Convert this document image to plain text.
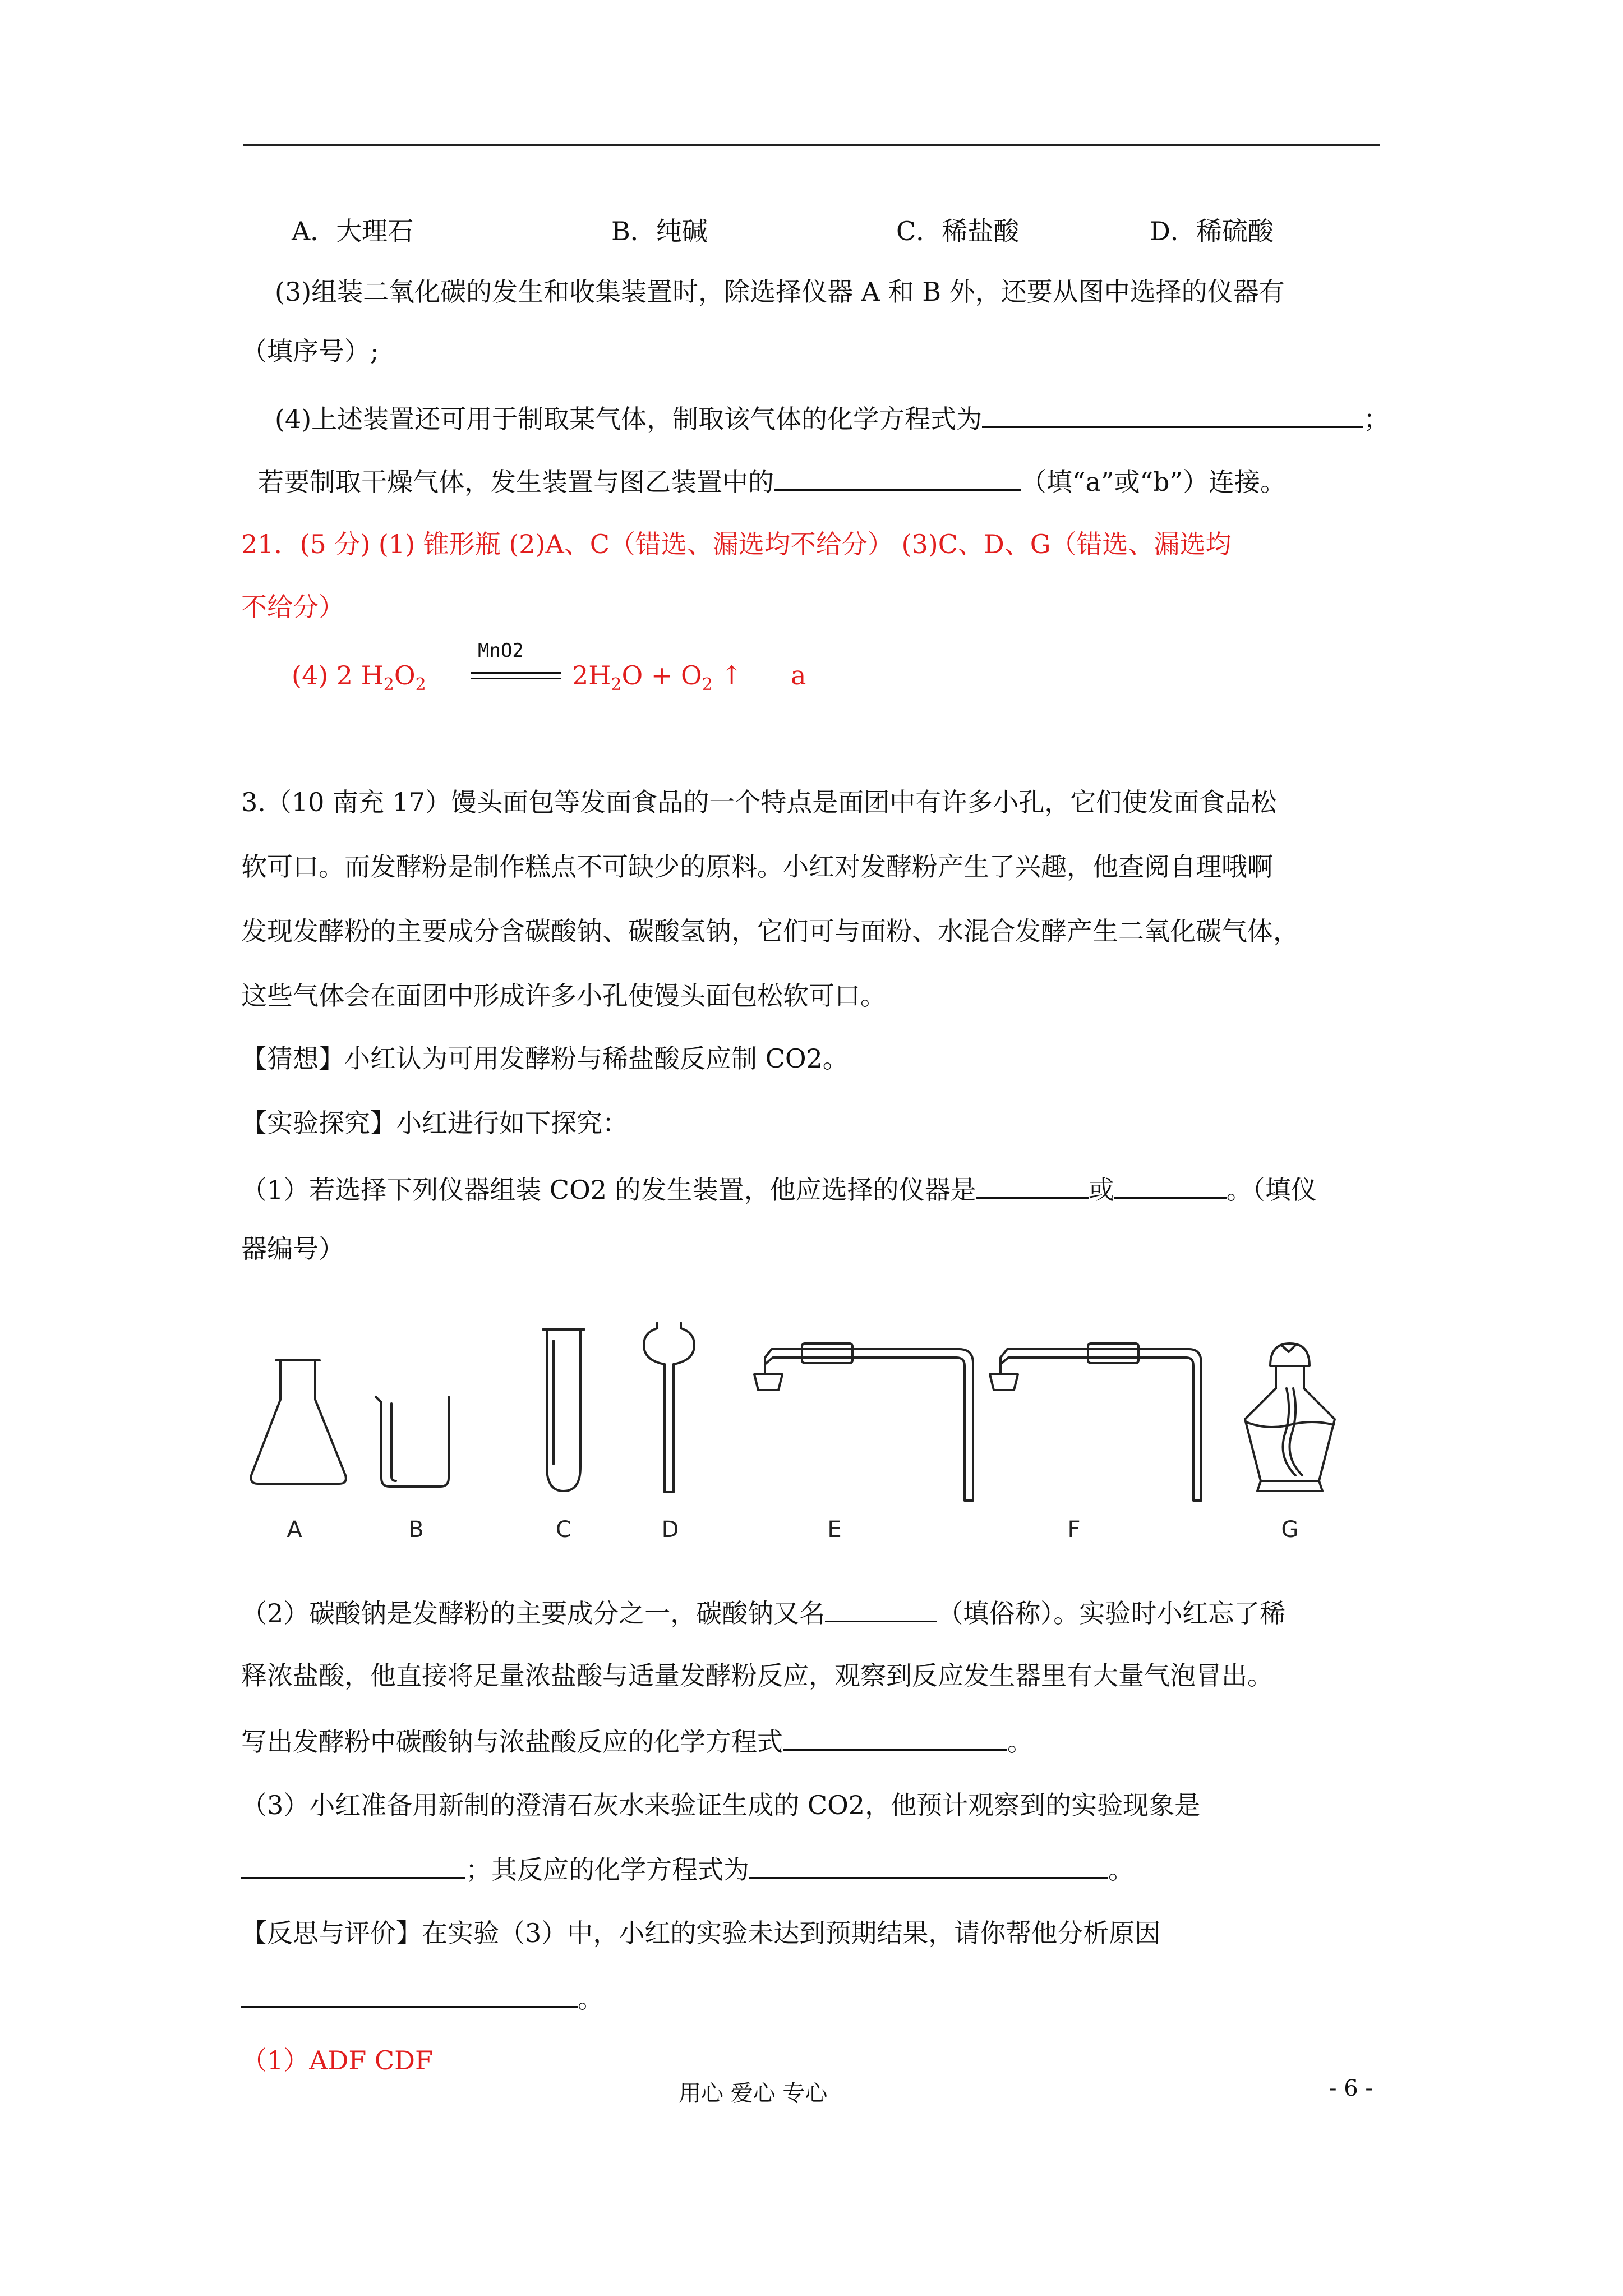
A．大理石	B．纯碱	C．稀盐酸	D．稀硫酸
(3)组装二氧化碳的发生和收集装置时，除选择仪器 A 和 B 外，还要从图中选择的仪器有
（填序号）;
(4)上述装置还可用于制取某气体，制取该气体的化学方程式为	；
若要制取干燥气体，发生装置与图乙装置中的	（填“a”或“b”）连接。
21．(5 分) (1) 锥形瓶 (2)A、C（错选、漏选均不给分） (3)C、D、G（错选、漏选均
不给分）
(4) 2 $H_2O_2$
MnO2
$2H_2O + O_2$ ↑ a
3.（10 南充 17）馒头面包等发面食品的一个特点是面团中有许多小孔，它们使发面食品松
软可口。而发酵粉是制作糕点不可缺少的原料。小红对发酵粉产生了兴趣，他查阅自理哦啊
发现发酵粉的主要成分含碳酸钠、碳酸氢钠，它们可与面粉、水混合发酵产生二氧化碳气体，
这些气体会在面团中形成许多小孔使馒头面包松软可口。
【猜想】小红认为可用发酵粉与稀盐酸反应制 CO2。
【实验探究】小红进行如下探究：
（1）若选择下列仪器组装 CO2 的发生装置，他应选择的仪器是	或	。（填仪
器编号）
A	B	C	D	E	F	G
（2）碳酸钠是发酵粉的主要成分之一，碳酸钠又名	（填俗称）。实验时小红忘了稀
释浓盐酸，他直接将足量浓盐酸与适量发酵粉反应，观察到反应发生器里有大量气泡冒出。
写出发酵粉中碳酸钠与浓盐酸反应的化学方程式	。
（3）小红准备用新制的澄清石灰水来验证生成的 CO2，他预计观察到的实验现象是
；其反应的化学方程式为	。
【反思与评价】在实验（3）中，小红的实验未达到预期结果，请你帮他分析原因
。
（1）ADF CDF
用心 爱心 专心	- 6 -
